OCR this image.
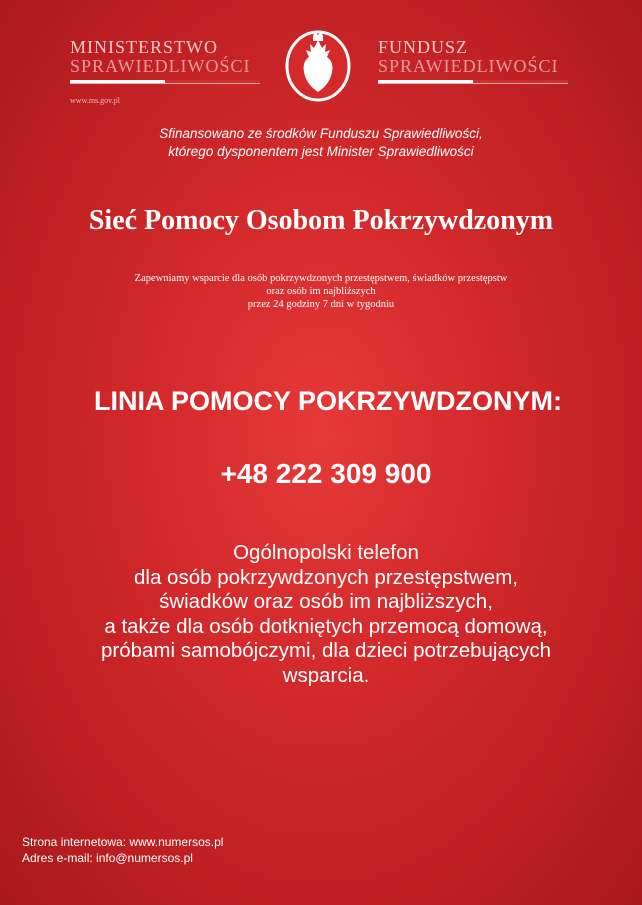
MINISTERSTWO
SPRAWIEDLIWOŚCI
www.ms.gov.pl
FUNDUSZ
SPRAWIEDLIWOŚCI
Sfinansowano ze środków Funduszu Sprawiedliwości,
którego dysponentem jest Minister Sprawiedliwości
Sieć Pomocy Osobom Pokrzywdzonym
Zapewniamy wsparcie dla osób pokrzywdzonych przestępstwem, świadków przestępstw
oraz osób im najbliższych
przez 24 godziny 7 dni w tygodniu
LINIA POMOCY POKRZYWDZONYM:
+48 222 309 900
Ogólnopolski telefon
dla osób pokrzywdzonych przestępstwem,
świadków oraz osób im najbliższych,
a także dla osób dotkniętych przemocą domową,
próbami samobójczymi, dla dzieci potrzebujących
wsparcia.
Strona internetowa: www.numersos.pl
Adres e-mail: info@numersos.pl
